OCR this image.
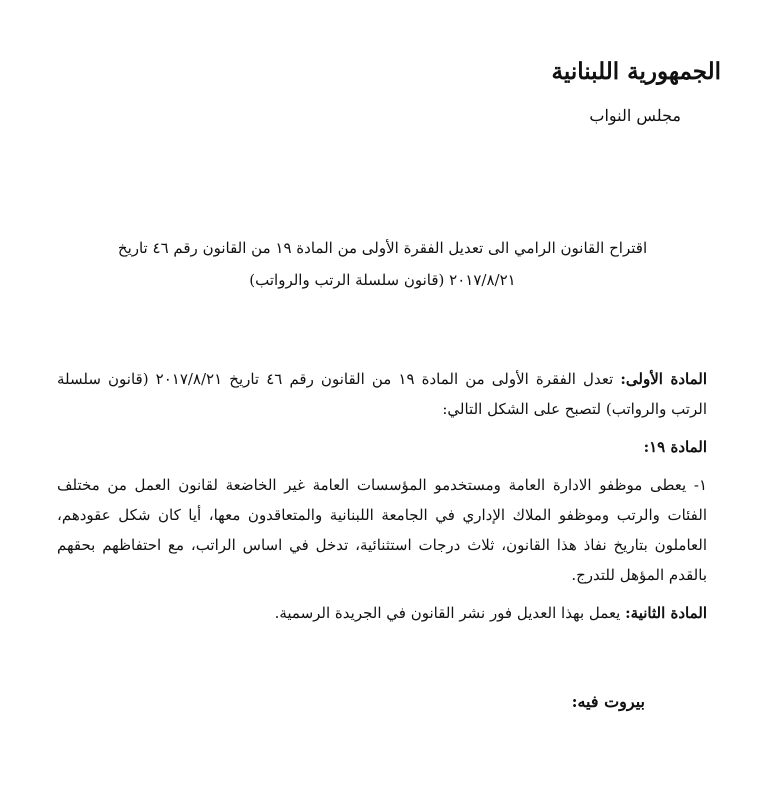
الجمهورية اللبنانية
مجلس النواب
اقتراح القانون الرامي الى تعديل الفقرة الأولى من المادة ١٩ من القانون رقم ٤٦ تاريخ
٢٠١٧/٨/٢١ (قانون سلسلة الرتب والرواتب)

المادة الأولى: تعدل الفقرة الأولى من المادة ١٩ من القانون رقم ٤٦ تاريخ ٢٠١٧/٨/٢١ (قانون سلسلة الرتب والرواتب) لتصبح على الشكل التالي:

المادة ١٩:

١- يعطى موظفو الادارة العامة ومستخدمو المؤسسات العامة غير الخاضعة لقانون العمل من مختلف الفئات والرتب وموظفو الملاك الإداري في الجامعة اللبنانية والمتعاقدون معها، أيا كان شكل عقودهم، العاملون بتاريخ نفاذ هذا القانون، ثلاث درجات استثنائية، تدخل في اساس الراتب، مع احتفاظهم بحقهم بالقدم المؤهل للتدرج.

المادة الثانية: يعمل بهذا العديل فور نشر القانون في الجريدة الرسمية.

بيروت فيه:
